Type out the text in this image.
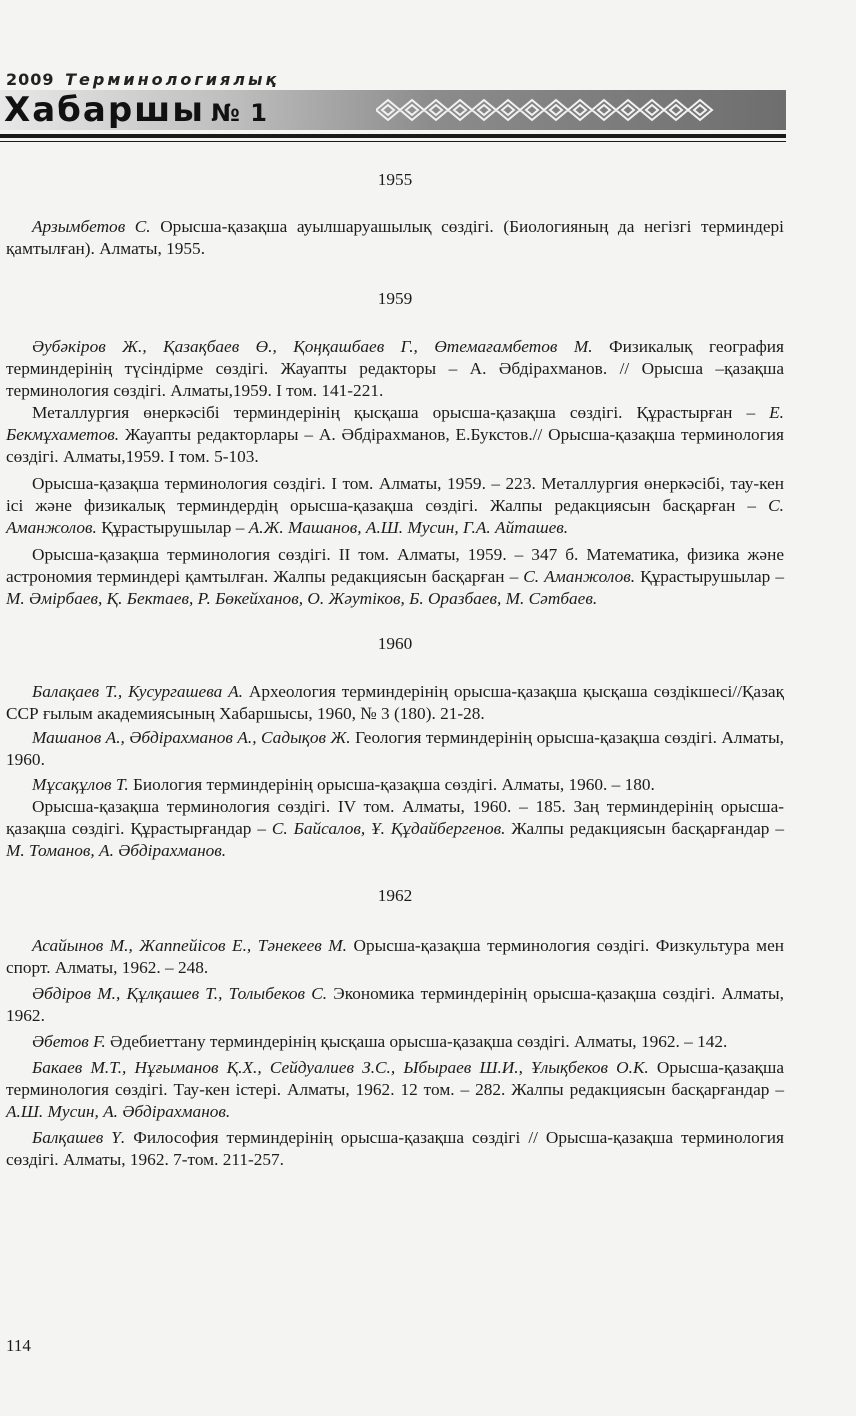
2009 Терминологиялық
Хабаршы № 1
1955

Арзымбетов С. Орысша-қазақша ауылшаруашылық сөздігі. (Биологияның да негізгі терминдері қамтылған). Алматы, 1955.

1959

Әубәкіров Ж., Қазақбаев Ө., Қоңқашбаев Г., Өтемағамбетов М. Физикалық география терминдерінің түсіндірме сөздігі. Жауапты редакторы – А. Әбдірахманов. // Орысша –қазақша терминология сөздігі. Алматы,1959. I том. 141-221.

Металлургия өнеркәсібі терминдерінің қысқаша орысша-қазақша сөздігі. Құрастырған – Е. Бекмұхаметов. Жауапты редакторлары – А. Әбдірахманов, Е.Букстов.// Орысша-қазақша терминология сөздігі. Алматы,1959. I том. 5-103.

Орысша-қазақша терминология сөздігі. I том. Алматы, 1959. – 223. Металлургия өнеркәсібі, тау-кен ісі және физикалық терминдердің орысша-қазақша сөздігі. Жалпы редакциясын басқарған – С. Аманжолов. Құрастырушылар – А.Ж. Машанов, А.Ш. Мусин, Г.А. Айташев.

Орысша-қазақша терминология сөздігі. II том. Алматы, 1959. – 347 б. Математика, физика және астрономия терминдері қамтылған. Жалпы редакциясын басқарған – С. Аманжолов. Құрастырушылар – М. Әмірбаев, Қ. Бектаев, Р. Бөкейханов, О. Жәутіков, Б. Оразбаев, М. Сәтбаев.

1960

Балақаев Т., Кусургашева А. Археология терминдерінің орысша-қазақша қысқаша сөздікшесі//Қазақ ССР ғылым академиясының Хабаршысы, 1960, № 3 (180). 21-28.

Машанов А., Әбдірахманов А., Садықов Ж. Геология терминдерінің орысша-қазақша сөздігі. Алматы, 1960.

Мұсақұлов Т. Биология терминдерінің орысша-қазақша сөздігі. Алматы, 1960. – 180.

Орысша-қазақша терминология сөздігі. IV том. Алматы, 1960. – 185. Заң терминдерінің орысша-қазақша сөздігі. Құрастырғандар – С. Байсалов, Ұ. Құдайбергенов. Жалпы редакциясын басқарғандар – М. Томанов, А. Әбдірахманов.

1962

Асайынов М., Жаппейісов Е., Тәнекеев М. Орысша-қазақша терминология сөздігі. Физкультура мен спорт. Алматы, 1962. – 248.

Әбдіров М., Құлқашев Т., Толыбеков С. Экономика терминдерінің орысша-қазақша сөздігі. Алматы, 1962.

Әбетов F. Әдебиеттану терминдерінің қысқаша орысша-қазақша сөздігі. Алматы, 1962. – 142.

Бакаев М.Т., Нұғыманов Қ.Х., Сейдуалиев З.С., Ыбыраев Ш.И., Ұлықбеков О.К. Орысша-қазақша терминология сөздігі. Тау-кен істері. Алматы, 1962. 12 том. – 282. Жалпы редакциясын басқарғандар – А.Ш. Мусин, А. Әбдірахманов.

Балқашев Ү. Философия терминдерінің орысша-қазақша сөздігі // Орысша-қазақша терминология сөздігі. Алматы, 1962. 7-том. 211-257.

114
